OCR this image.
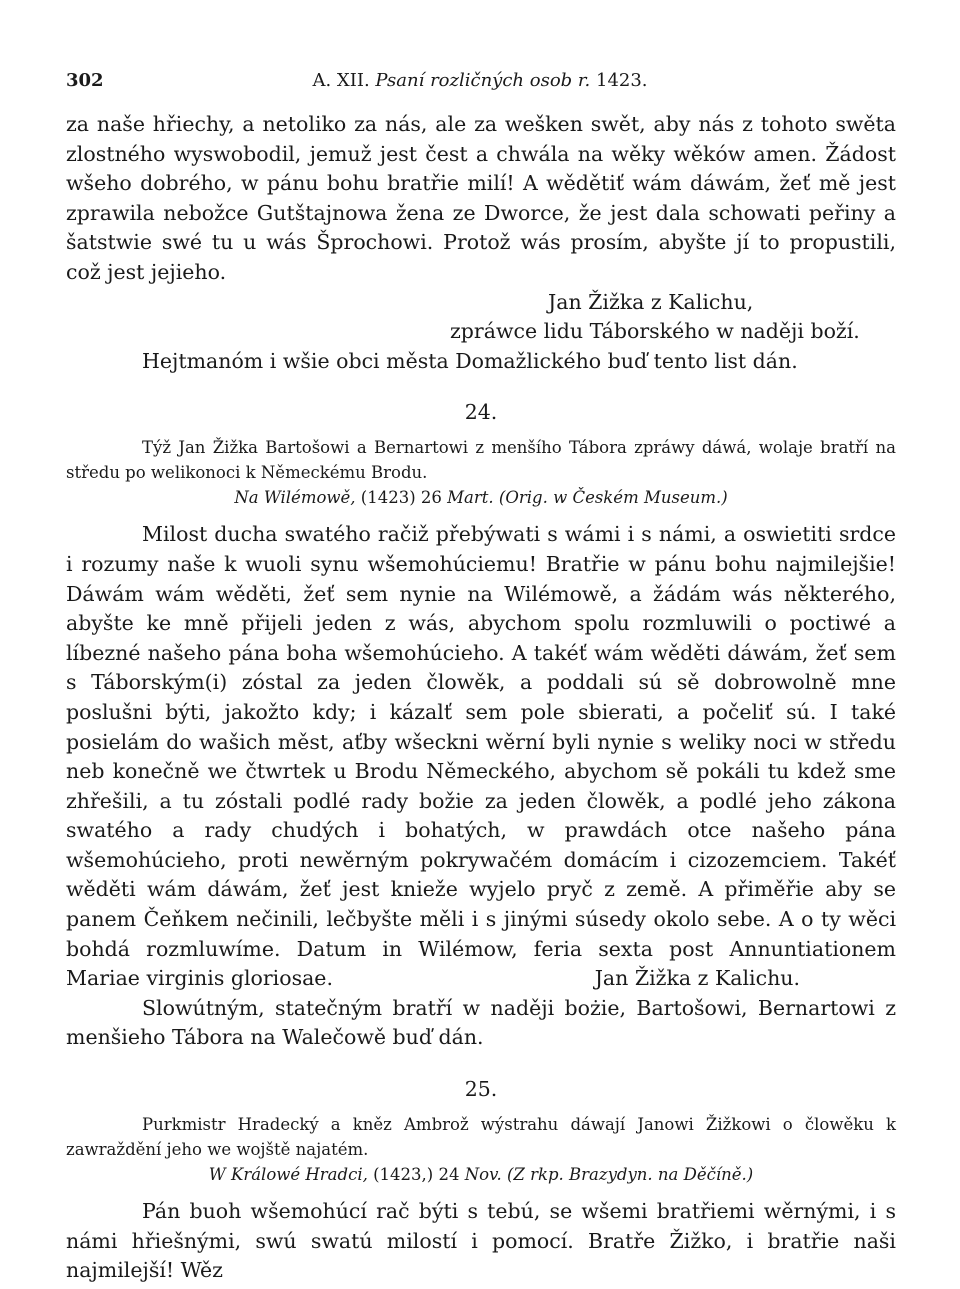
302	A. XII. Psaní rozličných osob r. 1423.

za naše hřiechy, a netoliko za nás, ale za wešken swět, aby nás z tohoto swěta zlostného wyswobodil, jemuž jest čest a chwála na wěky wěków amen. Žádost wšeho dobrého, w pánu bohu bratřie milí! A wědětiť wám dáwám, žeť mě jest zprawila nebožce Gutštajnowa žena ze Dworce, že jest dala schowati peřiny a šatstwie swé tu u wás Šprochowi. Protož wás prosím, abyšte jí to propustili, což jest jejieho.

Jan Žižka z Kalichu,

zpráwce lidu Táborského w naději boží.

Hejtmanóm i wšie obci města Domažlického buď tento list dán.

24.

Týž Jan Žižka Bartošowi a Bernartowi z menšího Tábora zpráwy dáwá, wolaje bratří na středu po welikonoci k Německému Brodu.

Na Wilémowě, (1423) 26 Mart. (Orig. w Českém Museum.)

Milost ducha swatého račiž přebýwati s wámi i s námi, a oswietiti srdce i rozumy naše k wuoli synu wšemohúciemu! Bratřie w pánu bohu najmilejšie! Dáwám wám wěděti, žeť sem nynie na Wilémowě, a žádám wás některého, abyšte ke mně přijeli jeden z wás, abychom spolu rozmluwili o poctiwé a líbezné našeho pána boha wšemohúcieho. A takéť wám wěděti dáwám, žeť sem s Táborským(i) zóstal za jeden člowěk, a poddali sú sě dobrowolně mne poslušni býti, jakožto kdy; i kázalť sem pole sbierati, a počeliť sú. I také posielám do wašich měst, aťby wšeckni wěrní byli nynie s weliky noci w středu neb konečně we čtwrtek u Brodu Německého, abychom sě pokáli tu kdež sme zhřešili, a tu zóstali podlé rady božie za jeden člowěk, a podlé jeho zákona swatého a rady chudých i bohatých, w prawdách otce našeho pána wšemohúcieho, proti newěrným pokrywačém domácím i cizozemciem. Takéť wěděti wám dáwám, žeť jest knieže wyjelo pryč z země. A přiměřie aby se panem Čeňkem nečinili, lečbyšte měli i s jinými súsedy okolo sebe. A o ty wěci bohdá rozmluwíme. Datum in Wilémow, feria sexta post Annuntiationem Mariae virginis gloriosae.	Jan Žižka z Kalichu.

Slowútným, statečným bratří w naději bożie, Bartošowi, Bernartowi z menšieho Tábora na Walečowě buď dán.

25.

Purkmistr Hradecký a kněz Ambrož wýstrahu dáwají Janowi Žižkowi o člowěku k zawraždění jeho we wojště najatém.

W Králowé Hradci, (1423,) 24 Nov. (Z rkp. Brazydyn. na Děčíně.)

Pán buoh wšemohúcí rač býti s tebú, se wšemi bratřiemi wěrnými, i s námi hřiešnými, swú swatú milostí i pomocí. Bratře Žižko, i bratřie naši najmilejší! Wěz
